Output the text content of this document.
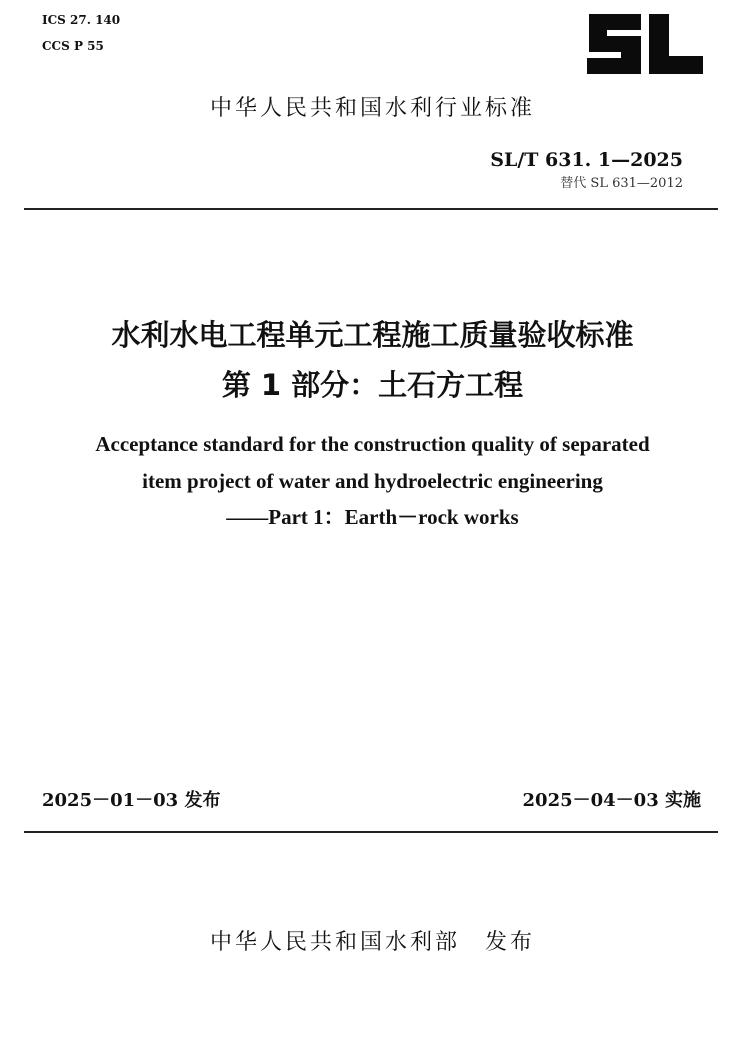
ICS 27. 140
CCS P 55
中华人民共和国水利行业标准
SL/T 631. 1—2025
替代 SL 631—2012
水利水电工程单元工程施工质量验收标准
第 1 部分：土石方工程
Acceptance standard for the construction quality of separated
item project of water and hydroelectric engineering
——Part 1：Earth－rock works
2025－01－03 发布	2025－04－03 实施
中华人民共和国水利部　发布
